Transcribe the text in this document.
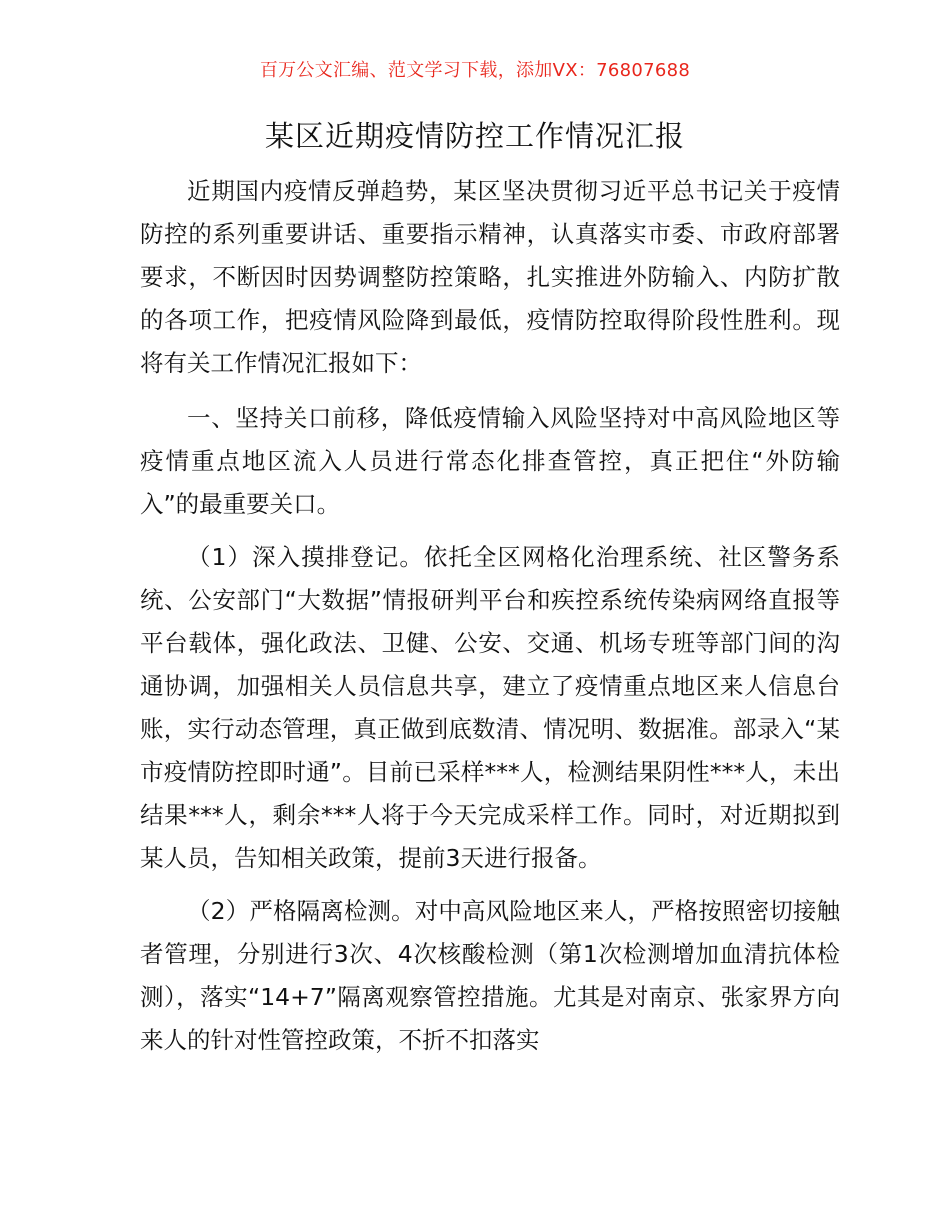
百万公文汇编、范文学习下载，添加VX：76807688
某区近期疫情防控工作情况汇报

近期国内疫情反弹趋势，某区坚决贯彻习近平总书记关于疫情防控的系列重要讲话、重要指示精神，认真落实市委、市政府部署要求，不断因时因势调整防控策略，扎实推进外防输入、内防扩散的各项工作，把疫情风险降到最低，疫情防控取得阶段性胜利。现将有关工作情况汇报如下：

一、坚持关口前移，降低疫情输入风险坚持对中高风险地区等疫情重点地区流入人员进行常态化排查管控，真正把住“外防输入”的最重要关口。

（1）深入摸排登记。依托全区网格化治理系统、社区警务系统、公安部门“大数据”情报研判平台和疾控系统传染病网络直报等平台载体，强化政法、卫健、公安、交通、机场专班等部门间的沟通协调，加强相关人员信息共享，建立了疫情重点地区来人信息台账，实行动态管理，真正做到底数清、情况明、数据准。部录入“某市疫情防控即时通”。目前已采样***人，检测结果阴性***人，未出结果***人，剩余***人将于今天完成采样工作。同时，对近期拟到某人员，告知相关政策，提前3天进行报备。

（2）严格隔离检测。对中高风险地区来人，严格按照密切接触者管理，分别进行3次、4次核酸检测（第1次检测增加血清抗体检测），落实“14+7”隔离观察管控措施。尤其是对南京、张家界方向来人的针对性管控政策，不折不扣落实
